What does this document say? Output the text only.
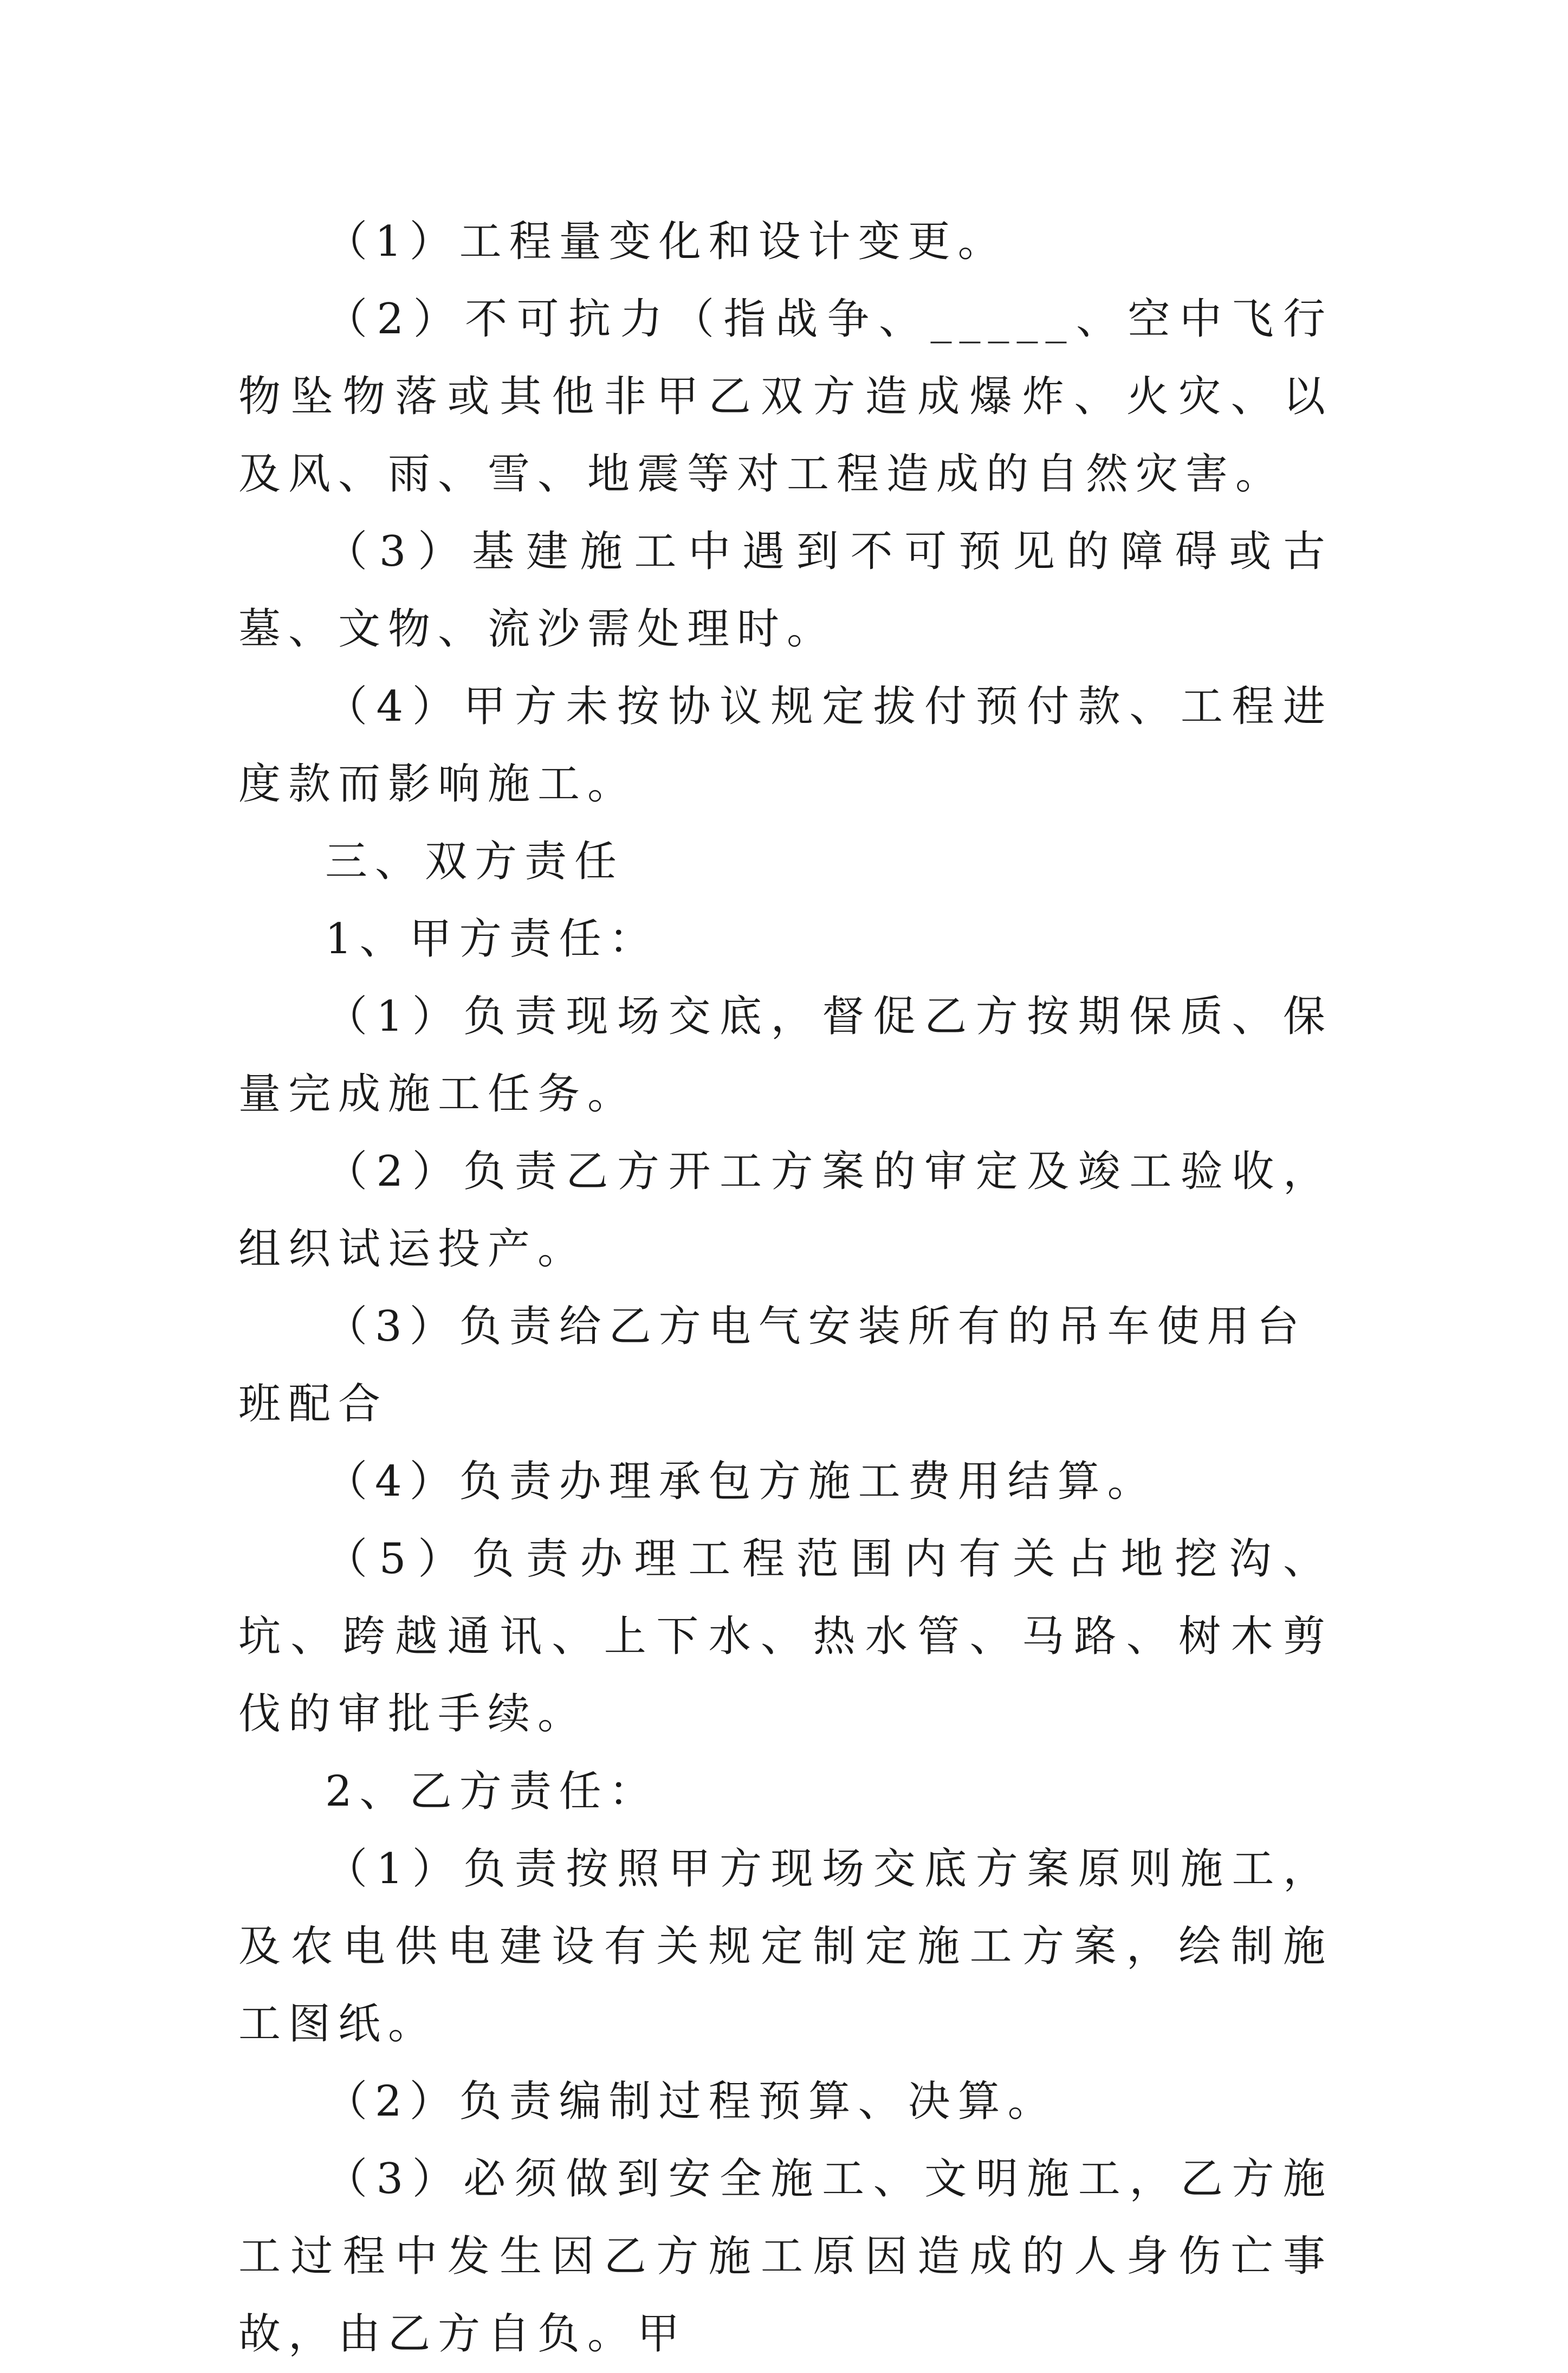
（1）工程量变化和设计变更。

（2）不可抗力（指战争、_____、空中飞行物坠物落或其他非甲乙双方造成爆炸、火灾、以及风、雨、雪、地震等对工程造成的自然灾害。

（3）基建施工中遇到不可预见的障碍或古墓、文物、流沙需处理时。

（4）甲方未按协议规定拔付预付款、工程进度款而影响施工。

三、双方责任

1、甲方责任：

（1）负责现场交底，督促乙方按期保质、保量完成施工任务。

（2）负责乙方开工方案的审定及竣工验收，组织试运投产。

（3）负责给乙方电气安装所有的吊车使用台班配合

（4）负责办理承包方施工费用结算。

（5）负责办理工程范围内有关占地挖沟、坑、跨越通讯、上下水、热水管、马路、树木剪伐的审批手续。

2、乙方责任：

（1）负责按照甲方现场交底方案原则施工，及农电供电建设有关规定制定施工方案，绘制施工图纸。

（2）负责编制过程预算、决算。

（3）必须做到安全施工、文明施工，乙方施工过程中发生因乙方施工原因造成的人身伤亡事故，由乙方自负。甲
